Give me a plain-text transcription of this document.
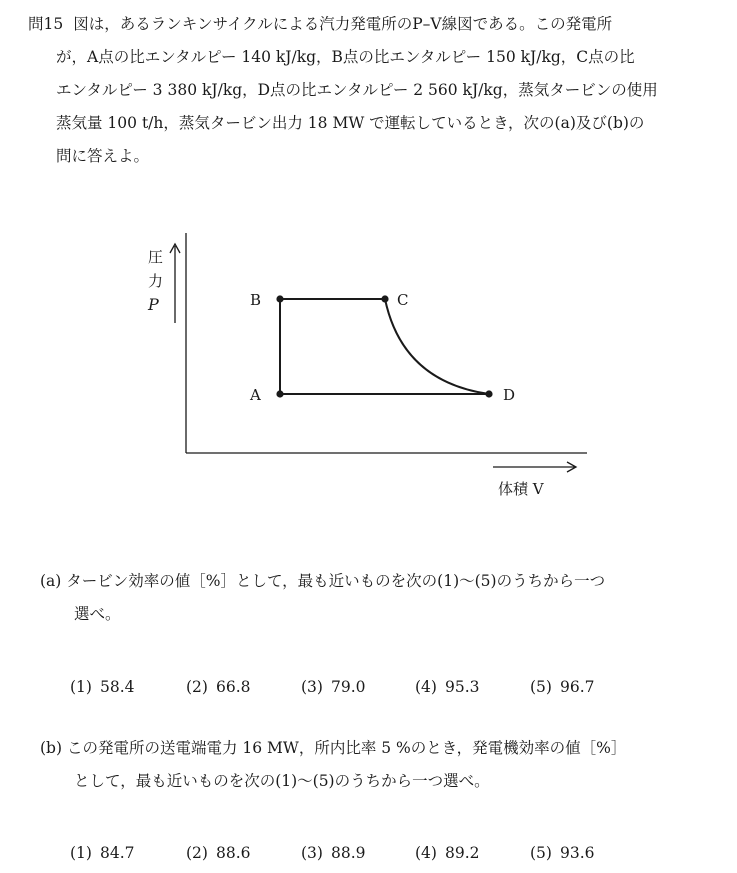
問15 図は，あるランキンサイクルによる汽力発電所のP–V線図である。この発電所
が，A点の比エンタルピー 140 kJ/kg，B点の比エンタルピー 150 kJ/kg，C点の比
エンタルピー 3 380 kJ/kg，D点の比エンタルピー 2 560 kJ/kg，蒸気タービンの使用
蒸気量 100 t/h，蒸気タービン出力 18 MW で運転しているとき，次の(a)及び(b)の
問に答えよ。
圧
力
P
体積 V
A
B	C
D
(a) タービン効率の値［%］として，最も近いものを次の(1)～(5)のうちから一つ
選べ。
(1) 58.4	(2) 66.8	(3) 79.0	(4) 95.3	(5) 96.7
(b) この発電所の送電端電力 16 MW，所内比率 5 %のとき，発電機効率の値［%］
として，最も近いものを次の(1)～(5)のうちから一つ選べ。
(1) 84.7	(2) 88.6	(3) 88.9	(4) 89.2	(5) 93.6
